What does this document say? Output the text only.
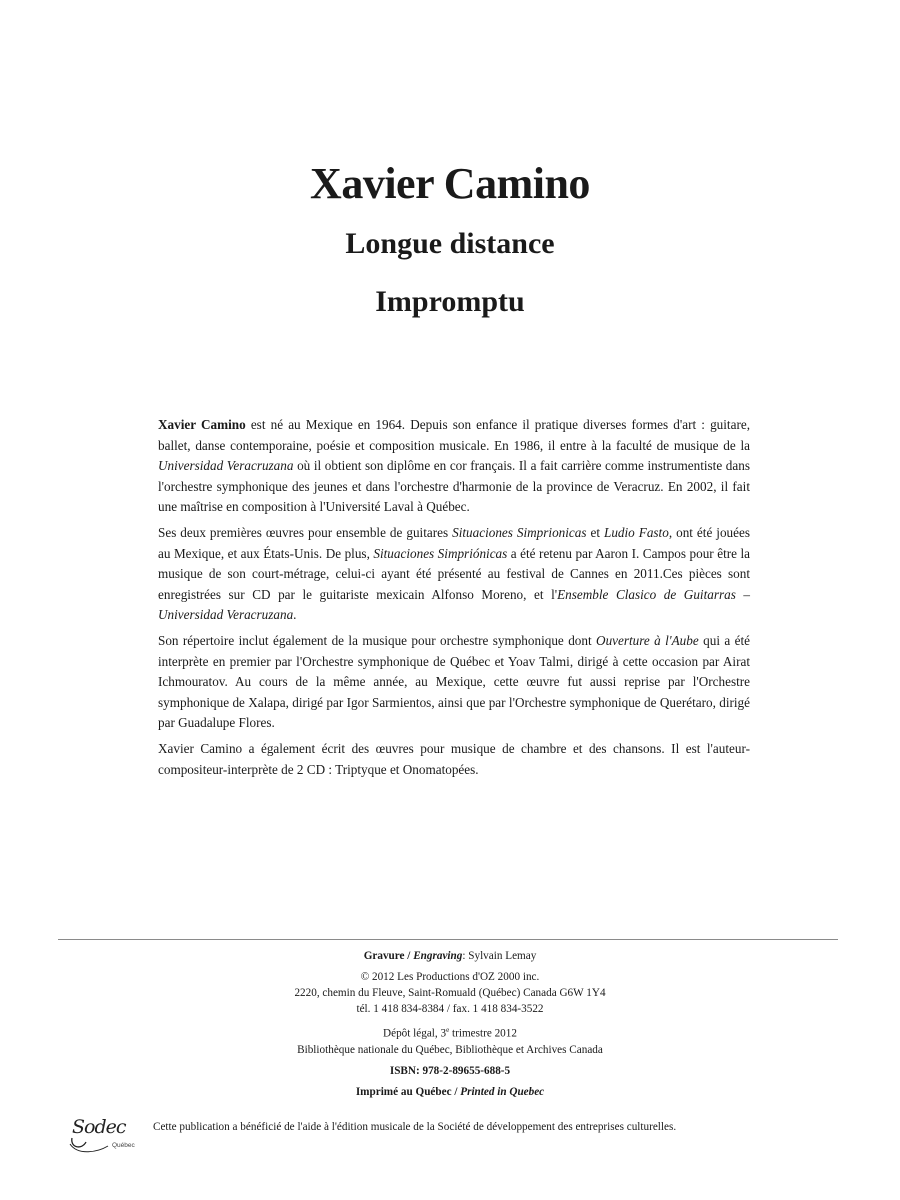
Xavier Camino
Longue distance
Impromptu

Xavier Camino est né au Mexique en 1964. Depuis son enfance il pratique diverses formes d'art : guitare, ballet, danse contemporaine, poésie et composition musicale. En 1986, il entre à la faculté de musique de la Universidad Veracruzana où il obtient son diplôme en cor français. Il a fait carrière comme instrumentiste dans l'orchestre symphonique des jeunes et dans l'orchestre d'harmonie de la province de Veracruz. En 2002, il fait une maîtrise en composition à l'Université Laval à Québec.

Ses deux premières œuvres pour ensemble de guitares Situaciones Simprionicas et Ludio Fasto, ont été jouées au Mexique, et aux États-Unis. De plus, Situaciones Simpriónicas a été retenu par Aaron I. Campos pour être la musique de son court-métrage, celui-ci ayant été présenté au festival de Cannes en 2011.Ces pièces sont enregistrées sur CD par le guitariste mexicain Alfonso Moreno, et l'Ensemble Clasico de Guitarras – Universidad Veracruzana.

Son répertoire inclut également de la musique pour orchestre symphonique dont Ouverture à l'Aube qui a été interprète en premier par l'Orchestre symphonique de Québec et Yoav Talmi, dirigé à cette occasion par Airat Ichmouratov. Au cours de la même année, au Mexique, cette œuvre fut aussi reprise par l'Orchestre symphonique de Xalapa, dirigé par Igor Sarmientos, ainsi que par l'Orchestre symphonique de Querétaro, dirigé par Guadalupe Flores.

Xavier Camino a également écrit des œuvres pour musique de chambre et des chansons. Il est l'auteur-compositeur-interprète de 2 CD : Triptyque et Onomatopées.

Gravure / Engraving: Sylvain Lemay
© 2012 Les Productions d'OZ 2000 inc.
2220, chemin du Fleuve, Saint-Romuald (Québec) Canada G6W 1Y4
tél. 1 418 834-8384 / fax. 1 418 834-3522
Dépôt légal, 3e trimestre 2012
Bibliothèque nationale du Québec, Bibliothèque et Archives Canada
ISBN: 978-2-89655-688-5
Imprimé au Québec / Printed in Quebec
Sodec
Québec
Cette publication a bénéficié de l'aide à l'édition musicale de la Société de développement des entreprises culturelles.
